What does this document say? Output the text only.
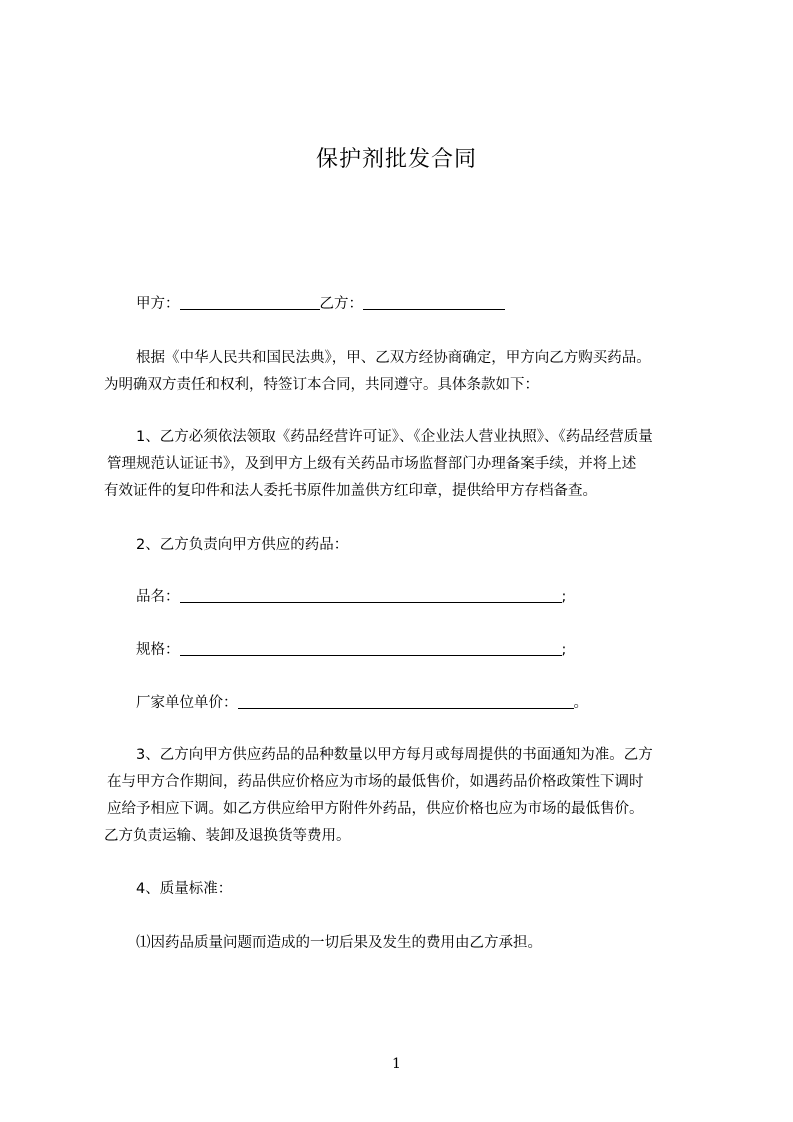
保护剂批发合同
甲方：	乙方：
根据《中华人民共和国民法典》，甲、乙双方经协商确定，甲方向乙方购买药品。
为明确双方责任和权利，特签订本合同，共同遵守。具体条款如下：
1、乙方必须依法领取《药品经营许可证》、《企业法人营业执照》、《药品经营质量
管理规范认证证书》，及到甲方上级有关药品市场监督部门办理备案手续，并将上述
有效证件的复印件和法人委托书原件加盖供方红印章，提供给甲方存档备查。
2、乙方负责向甲方供应的药品：
品名：	;
规格：	;
厂家单位单价：	。
3、乙方向甲方供应药品的品种数量以甲方每月或每周提供的书面通知为准。乙方
在与甲方合作期间，药品供应价格应为市场的最低售价，如遇药品价格政策性下调时
应给予相应下调。如乙方供应给甲方附件外药品，供应价格也应为市场的最低售价。
乙方负责运输、装卸及退换货等费用。
4、质量标准：
⑴因药品质量问题而造成的一切后果及发生的费用由乙方承担。
1
